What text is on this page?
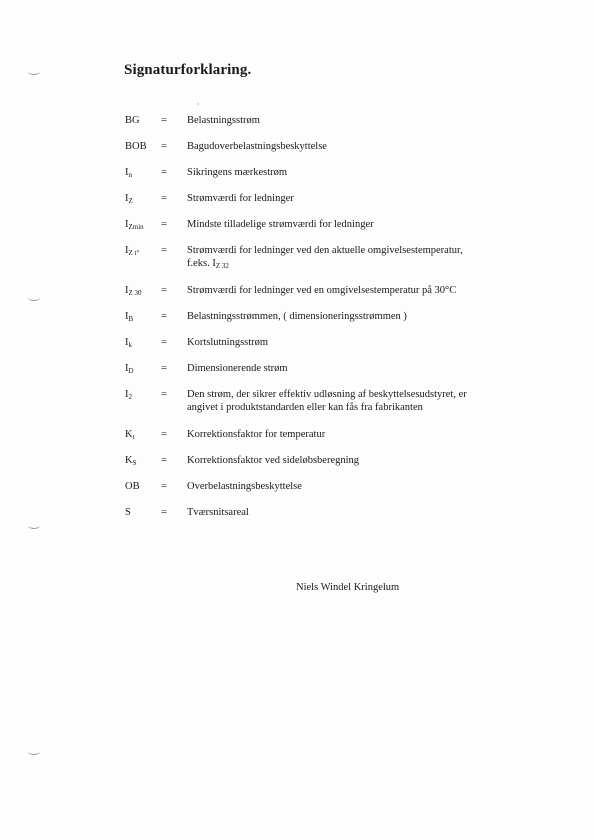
Signaturforklaring.
BG = Belastningsstrøm
BOB = Bagudoverbelastningsbeskyttelse
$I_n$	= Sikringens mærkestrøm
$I_Z$	= Strømværdi for ledninger
$I_{Zmin}$ = Mindste tilladelige strømværdi for ledninger
$I_{Z t^\circ}$ = Strømværdi for ledninger ved den aktuelle omgivelsestemperatur,
f.eks. $I_{Z 32}$
$I_{Z 30}$ = Strømværdi for ledninger ved en omgivelsestemperatur på 30°C
$I_B$	= Belastningsstrømmen, ( dimensioneringsstrømmen )
$I_k$	= Kortslutningsstrøm
$I_D$	= Dimensionerende strøm
$I_2$	= Den strøm, der sikrer effektiv udløsning af beskyttelsesudstyret, er
angivet i produktstandarden eller kan fås fra fabrikanten
$K_t$	= Korrektionsfaktor for temperatur
$K_S$ = Korrektionsfaktor ved sideløbsberegning
OB = Overbelastningsbeskyttelse
S	= Tværsnitsareal
Niels Windel Kringelum
